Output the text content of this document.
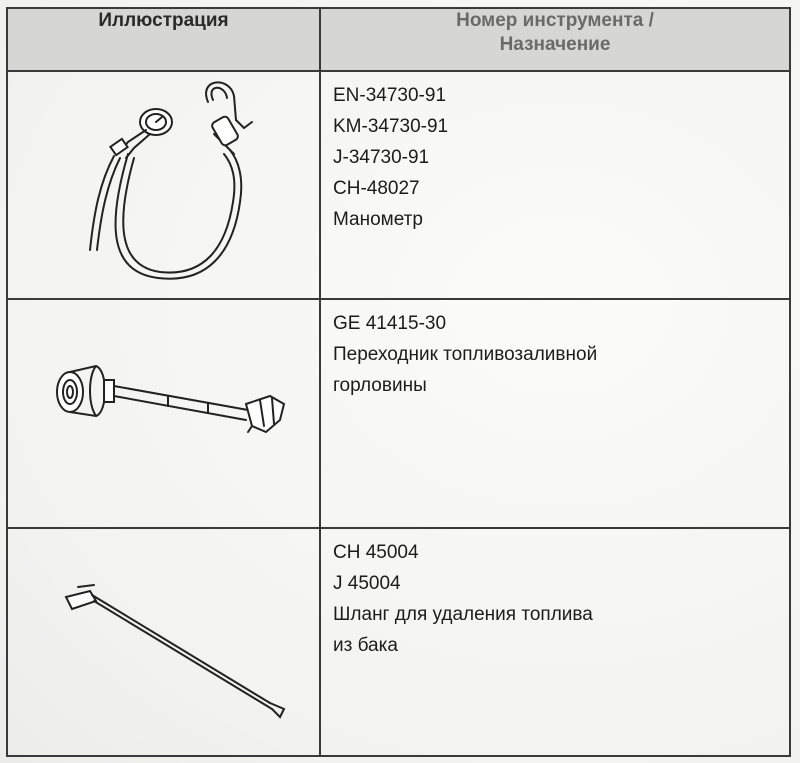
Иллюстрация	Номер инструмента /
Назначение

EN-34730-91
KM-34730-91
J-34730-91
CH-48027
Манометр

GE 41415-30
Переходник топливозаливной
горловины

CH 45004
J 45004
Шланг для удаления топлива
из бака
